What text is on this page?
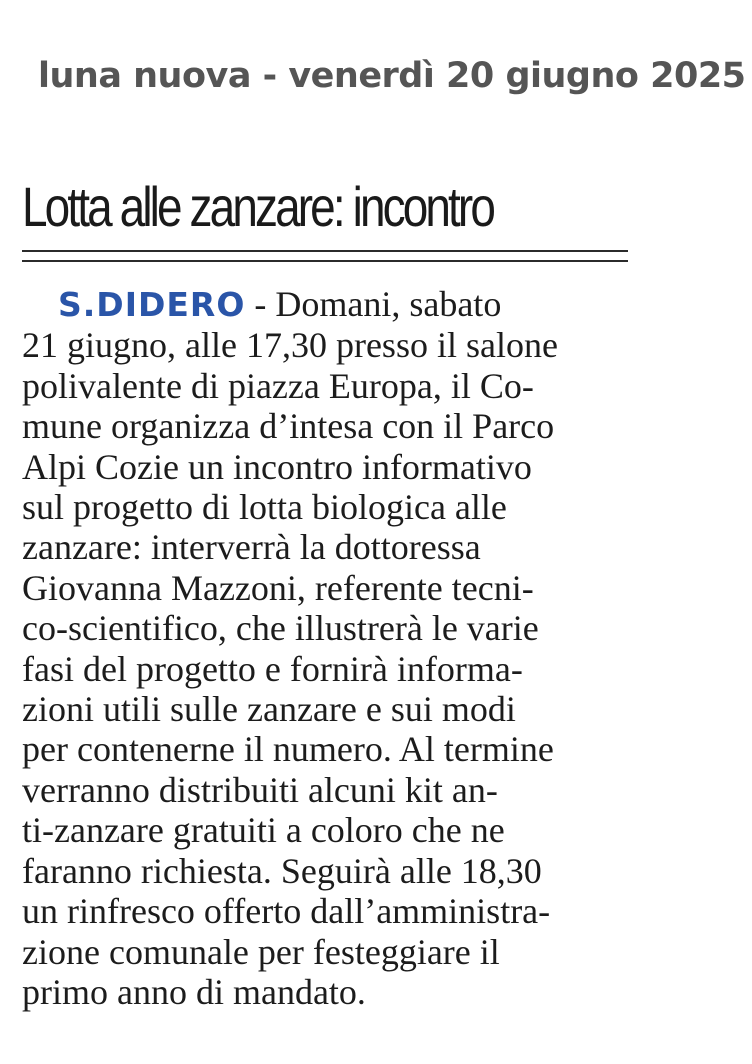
luna nuova - venerdì 20 giugno 2025
Lotta alle zanzare: incontro
S.DIDERO - Domani, sabato
21 giugno, alle 17,30 presso il salone
polivalente di piazza Europa, il Co-
mune organizza d’intesa con il Parco
Alpi Cozie un incontro informativo
sul progetto di lotta biologica alle
zanzare: interverrà la dottoressa
Giovanna Mazzoni, referente tecni-
co-scientifico, che illustrerà le varie
fasi del progetto e fornirà informa-
zioni utili sulle zanzare e sui modi
per contenerne il numero. Al termine
verranno distribuiti alcuni kit an-
ti-zanzare gratuiti a coloro che ne
faranno richiesta. Seguirà alle 18,30
un rinfresco offerto dall’amministra-
zione comunale per festeggiare il
primo anno di mandato.
